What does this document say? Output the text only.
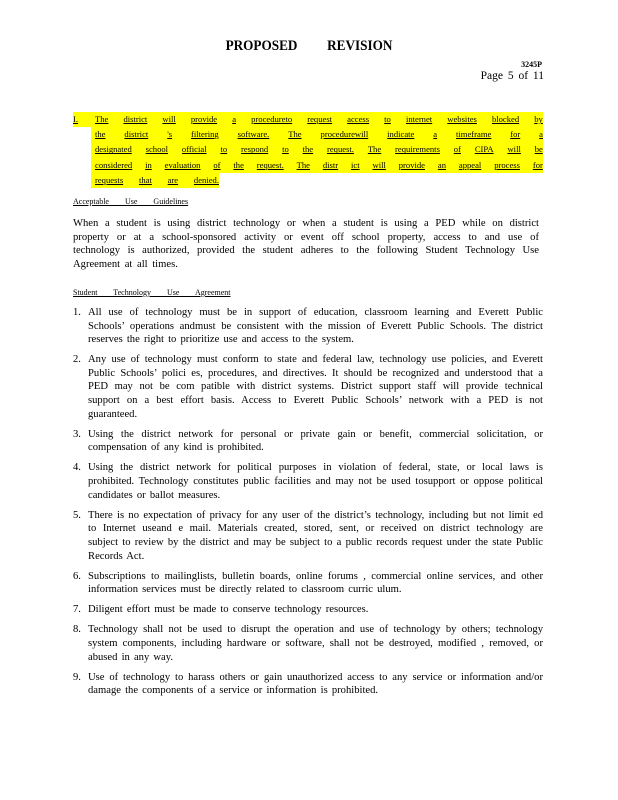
PROPOSED REVISION
3245P
Page 5 of 11
I.	The district will provide a procedureto request access to internet websites blocked by
the district 's filtering software. The procedurewill indicate a timeframe for a
designated school official to respond to the request. The requirements of CIPA will be
considered in evaluation of the request. The distr ict will provide an appeal process for
requests that are denied.
Acceptable Use Guidelines
When a student is using district technology or when a student is using a PED while on district property or at a school-sponsored activity or event off school property, access to and use of technology is authorized, provided the student adheres to the following Student Technology Use Agreement at all times.
Student Technology Use Agreement
1. All use of technology must be in support of education, classroom learning and Everett Public Schools’ operations andmust be consistent with the mission of Everett Public Schools. The district reserves the right to prioritize use and access to the system.
2. Any use of technology must conform to state and federal law, technology use policies, and Everett Public Schools’ polici es, procedures, and directives. It should be recognized and understood that a PED may not be com patible with district systems. District support staff will provide technical support on a best effort basis. Access to Everett Public Schools’ network with a PED is not guaranteed.
3. Using the district network for personal or private gain or benefit, commercial solicitation, or compensation of any kind is prohibited.
4. Using the district network for political purposes in violation of federal, state, or local laws is prohibited. Technology constitutes public facilities and may not be used tosupport or oppose political candidates or ballot measures.
5. There is no expectation of privacy for any user of the district’s technology, including but not limit ed to Internet useand e mail. Materials created, stored, sent, or received on district technology are subject to review by the district and may be subject to a public records request under the state Public Records Act.
6. Subscriptions to mailinglists, bulletin boards, online forums , commercial online services, and other information services must be directly related to classroom curric ulum.
7. Diligent effort must be made to conserve technology resources.
8. Technology shall not be used to disrupt the operation and use of technology by others; technology system components, including hardware or software, shall not be destroyed, modified , removed, or abused in any way.
9. Use of technology to harass others or gain unauthorized access to any service or information and/or damage the components of a service or information is prohibited.
